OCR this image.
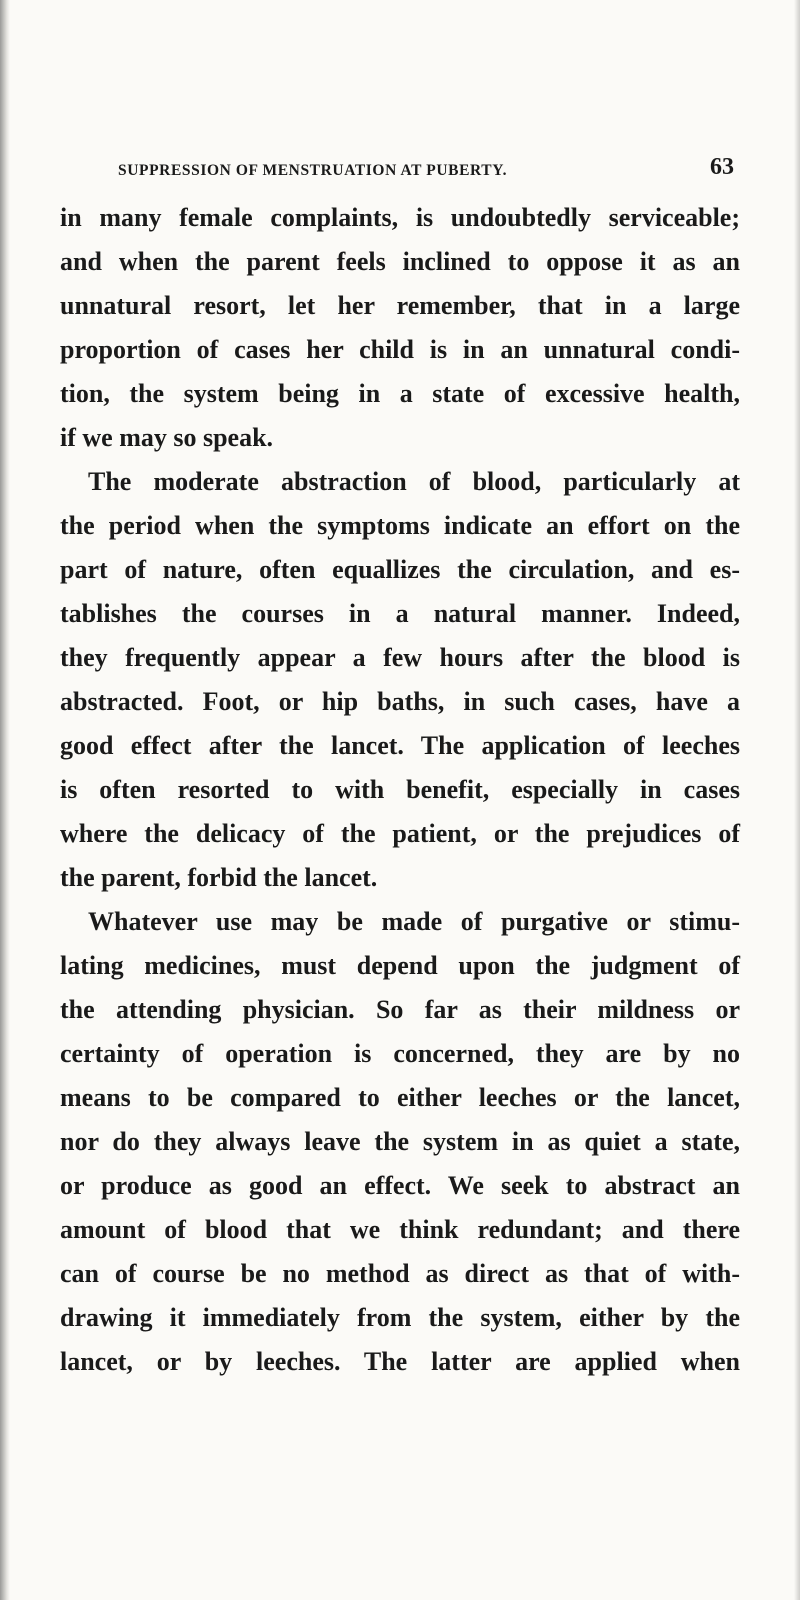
SUPPRESSION OF MENSTRUATION AT PUBERTY.	63
in many female complaints, is undoubtedly serviceable;
and when the parent feels inclined to oppose it as an
unnatural resort, let her remember, that in a large
proportion of cases her child is in an unnatural condi-
tion, the system being in a state of excessive health,
if we may so speak.
The moderate abstraction of blood, particularly at
the period when the symptoms indicate an effort on the
part of nature, often equallizes the circulation, and es-
tablishes the courses in a natural manner. Indeed,
they frequently appear a few hours after the blood is
abstracted. Foot, or hip baths, in such cases, have a
good effect after the lancet. The application of leeches
is often resorted to with benefit, especially in cases
where the delicacy of the patient, or the prejudices of
the parent, forbid the lancet.
Whatever use may be made of purgative or stimu-
lating medicines, must depend upon the judgment of
the attending physician. So far as their mildness or
certainty of operation is concerned, they are by no
means to be compared to either leeches or the lancet,
nor do they always leave the system in as quiet a state,
or produce as good an effect. We seek to abstract an
amount of blood that we think redundant; and there
can of course be no method as direct as that of with-
drawing it immediately from the system, either by the
lancet, or by leeches. The latter are applied when
